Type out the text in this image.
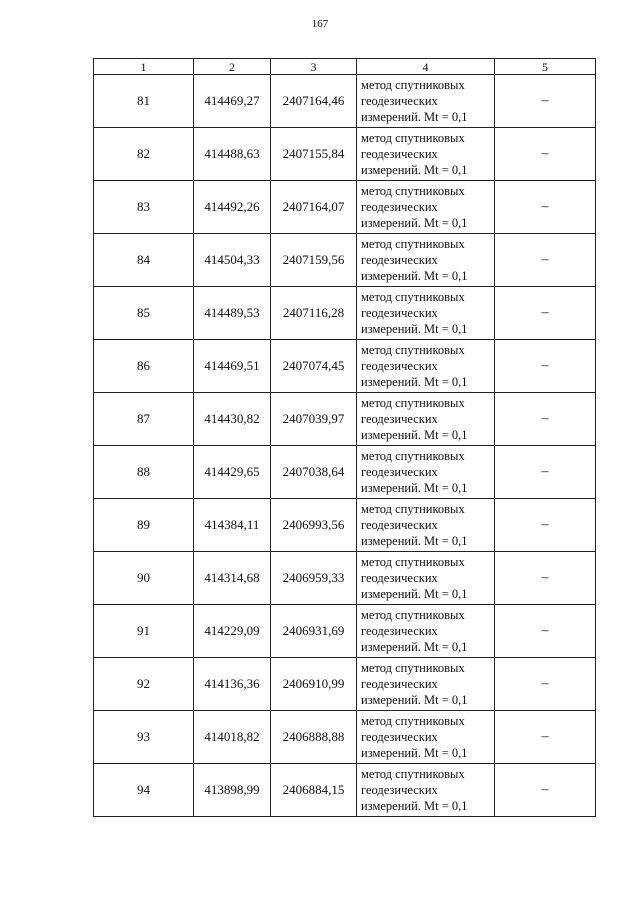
167
1	2	3	4	5
81	414469,27	2407164,46	метод спутниковых
геодезических
измерений. Mt = 0,1	–
82	414488,63	2407155,84	метод спутниковых
геодезических
измерений. Mt = 0,1	–
83	414492,26	2407164,07	метод спутниковых
геодезических
измерений. Mt = 0,1	–
84	414504,33	2407159,56	метод спутниковых
геодезических
измерений. Mt = 0,1	–
85	414489,53	2407116,28	метод спутниковых
геодезических
измерений. Mt = 0,1	–
86	414469,51	2407074,45	метод спутниковых
геодезических
измерений. Mt = 0,1	–
87	414430,82	2407039,97	метод спутниковых
геодезических
измерений. Mt = 0,1	–
88	414429,65	2407038,64	метод спутниковых
геодезических
измерений. Mt = 0,1	–
89	414384,11	2406993,56	метод спутниковых
геодезических
измерений. Mt = 0,1	–
90	414314,68	2406959,33	метод спутниковых
геодезических
измерений. Mt = 0,1	–
91	414229,09	2406931,69	метод спутниковых
геодезических
измерений. Mt = 0,1	–
92	414136,36	2406910,99	метод спутниковых
геодезических
измерений. Mt = 0,1	–
93	414018,82	2406888,88	метод спутниковых
геодезических
измерений. Mt = 0,1	–
94	413898,99	2406884,15	метод спутниковых
геодезических
измерений. Mt = 0,1	–
